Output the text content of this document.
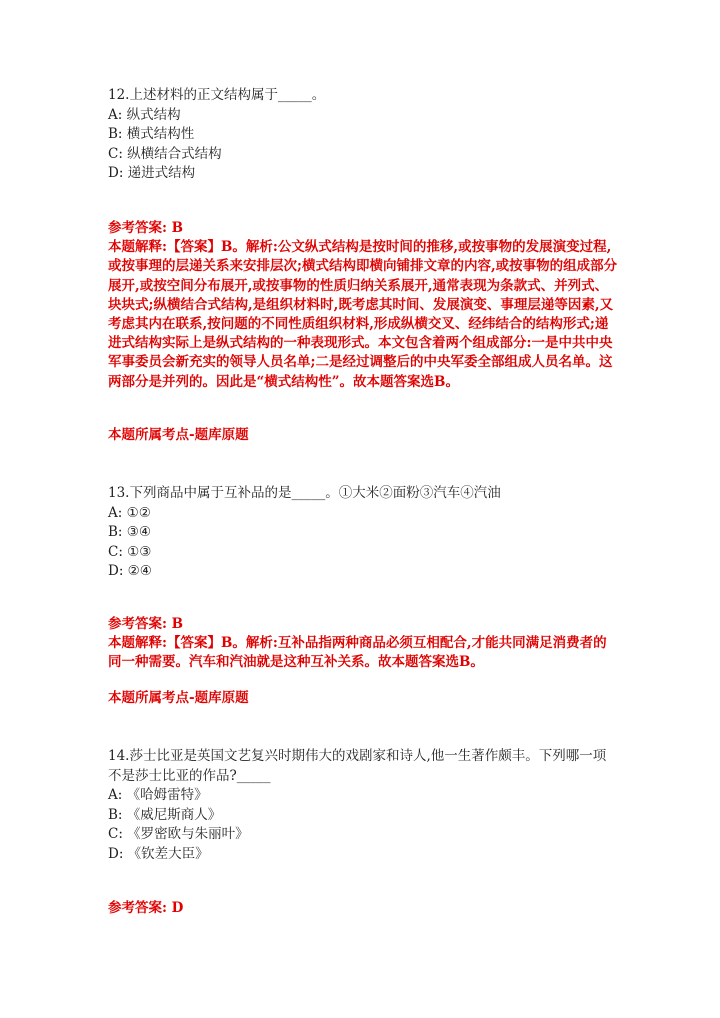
12.上述材料的正文结构属于_____。

A: 纵式结构

B: 横式结构性

C: 纵横结合式结构

D: 递进式结构

参考答案: B

本题解释:【答案】B。解析:公文纵式结构是按时间的推移,或按事物的发展演变过程,或按事理的层递关系来安排层次;横式结构即横向铺排文章的内容,或按事物的组成部分展开,或按空间分布展开,或按事物的性质归纳关系展开,通常表现为条款式、并列式、块块式;纵横结合式结构,是组织材料时,既考虑其时间、发展演变、事理层递等因素,又考虑其内在联系,按问题的不同性质组织材料,形成纵横交叉、经纬结合的结构形式;递进式结构实际上是纵式结构的一种表现形式。本文包含着两个组成部分:一是中共中央军事委员会新充实的领导人员名单;二是经过调整后的中央军委全部组成人员名单。这两部分是并列的。因此是“横式结构性”。故本题答案选B。

本题所属考点-题库原题

13.下列商品中属于互补品的是_____。①大米②面粉③汽车④汽油

A: ①②

B: ③④

C: ①③

D: ②④

参考答案: B

本题解释:【答案】B。解析:互补品指两种商品必须互相配合,才能共同满足消费者的同一种需要。汽车和汽油就是这种互补关系。故本题答案选B。

本题所属考点-题库原题

14.莎士比亚是英国文艺复兴时期伟大的戏剧家和诗人,他一生著作颇丰。下列哪一项不是莎士比亚的作品?_____

A: 《哈姆雷特》

B: 《威尼斯商人》

C: 《罗密欧与朱丽叶》

D: 《钦差大臣》

参考答案: D
